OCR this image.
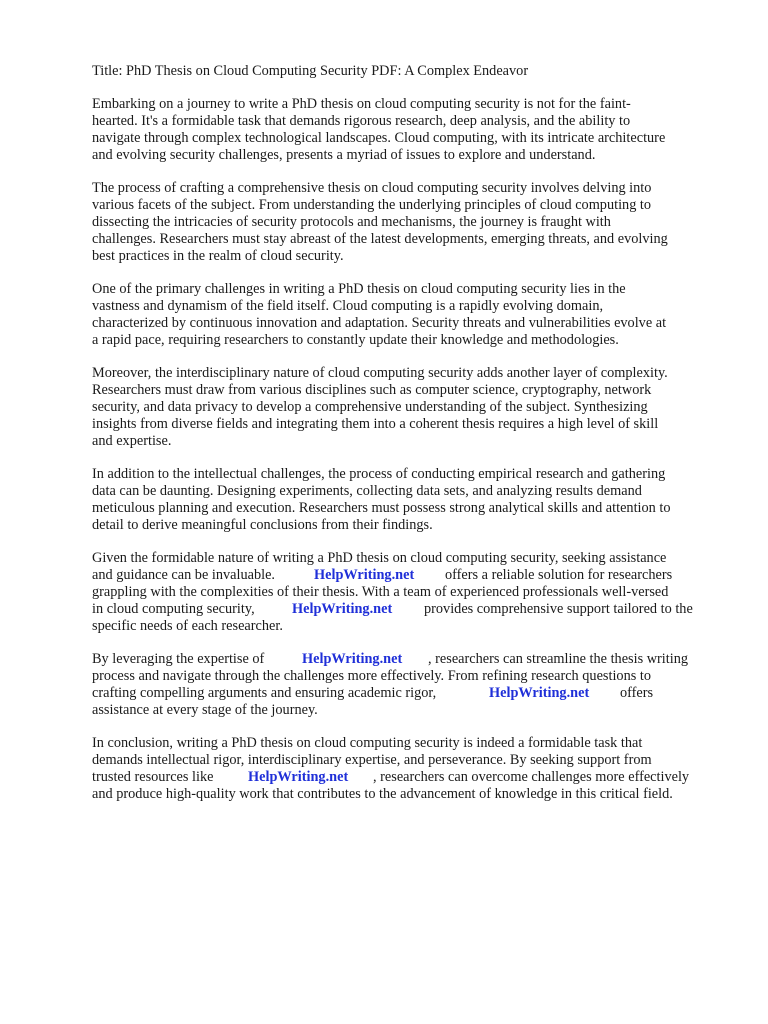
Title: PhD Thesis on Cloud Computing Security PDF: A Complex Endeavor

Embarking on a journey to write a PhD thesis on cloud computing security is not for the faint-

hearted. It's a formidable task that demands rigorous research, deep analysis, and the ability to

navigate through complex technological landscapes. Cloud computing, with its intricate architecture

and evolving security challenges, presents a myriad of issues to explore and understand.

The process of crafting a comprehensive thesis on cloud computing security involves delving into

various facets of the subject. From understanding the underlying principles of cloud computing to

dissecting the intricacies of security protocols and mechanisms, the journey is fraught with

challenges. Researchers must stay abreast of the latest developments, emerging threats, and evolving

best practices in the realm of cloud security.

One of the primary challenges in writing a PhD thesis on cloud computing security lies in the

vastness and dynamism of the field itself. Cloud computing is a rapidly evolving domain,

characterized by continuous innovation and adaptation. Security threats and vulnerabilities evolve at

a rapid pace, requiring researchers to constantly update their knowledge and methodologies.

Moreover, the interdisciplinary nature of cloud computing security adds another layer of complexity.

Researchers must draw from various disciplines such as computer science, cryptography, network

security, and data privacy to develop a comprehensive understanding of the subject. Synthesizing

insights from diverse fields and integrating them into a coherent thesis requires a high level of skill

and expertise.

In addition to the intellectual challenges, the process of conducting empirical research and gathering

data can be daunting. Designing experiments, collecting data sets, and analyzing results demand

meticulous planning and execution. Researchers must possess strong analytical skills and attention to

detail to derive meaningful conclusions from their findings.

Given the formidable nature of writing a PhD thesis on cloud computing security, seeking assistance

and guidance can be invaluable.	HelpWriting.net offers a reliable solution for researchers

grappling with the complexities of their thesis. With a team of experienced professionals well-versed

in cloud computing security,	HelpWriting.net provides comprehensive support tailored to the

specific needs of each researcher.

By leveraging the expertise of	HelpWriting.net , researchers can streamline the thesis writing

process and navigate through the challenges more effectively. From refining research questions to

crafting compelling arguments and ensuring academic rigor,	HelpWriting.net offers

assistance at every stage of the journey.

In conclusion, writing a PhD thesis on cloud computing security is indeed a formidable task that

demands intellectual rigor, interdisciplinary expertise, and perseverance. By seeking support from

trusted resources like HelpWriting.net , researchers can overcome challenges more effectively

and produce high-quality work that contributes to the advancement of knowledge in this critical field.
